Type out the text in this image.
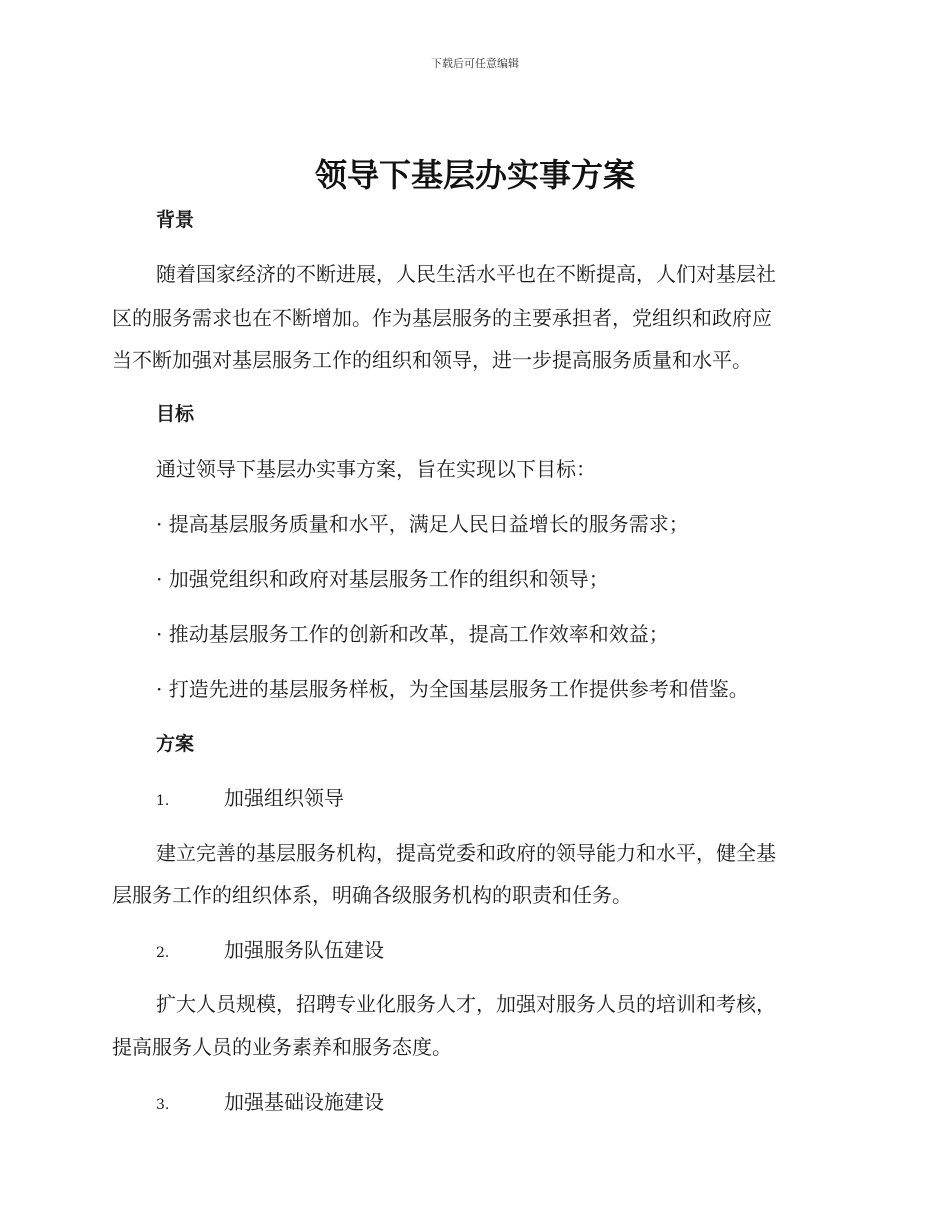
下载后可任意编辑
领导下基层办实事方案
背景
随着国家经济的不断进展，人民生活水平也在不断提高，人们对基层社
区的服务需求也在不断增加。作为基层服务的主要承担者，党组织和政府应
当不断加强对基层服务工作的组织和领导，进一步提高服务质量和水平。
目标
通过领导下基层办实事方案，旨在实现以下目标：
· 提高基层服务质量和水平，满足人民日益增长的服务需求；
· 加强党组织和政府对基层服务工作的组织和领导；
· 推动基层服务工作的创新和改革，提高工作效率和效益；
· 打造先进的基层服务样板，为全国基层服务工作提供参考和借鉴。
方案
1.	加强组织领导
建立完善的基层服务机构，提高党委和政府的领导能力和水平，健全基
层服务工作的组织体系，明确各级服务机构的职责和任务。
2.	加强服务队伍建设
扩大人员规模，招聘专业化服务人才，加强对服务人员的培训和考核，
提高服务人员的业务素养和服务态度。
3.	加强基础设施建设
